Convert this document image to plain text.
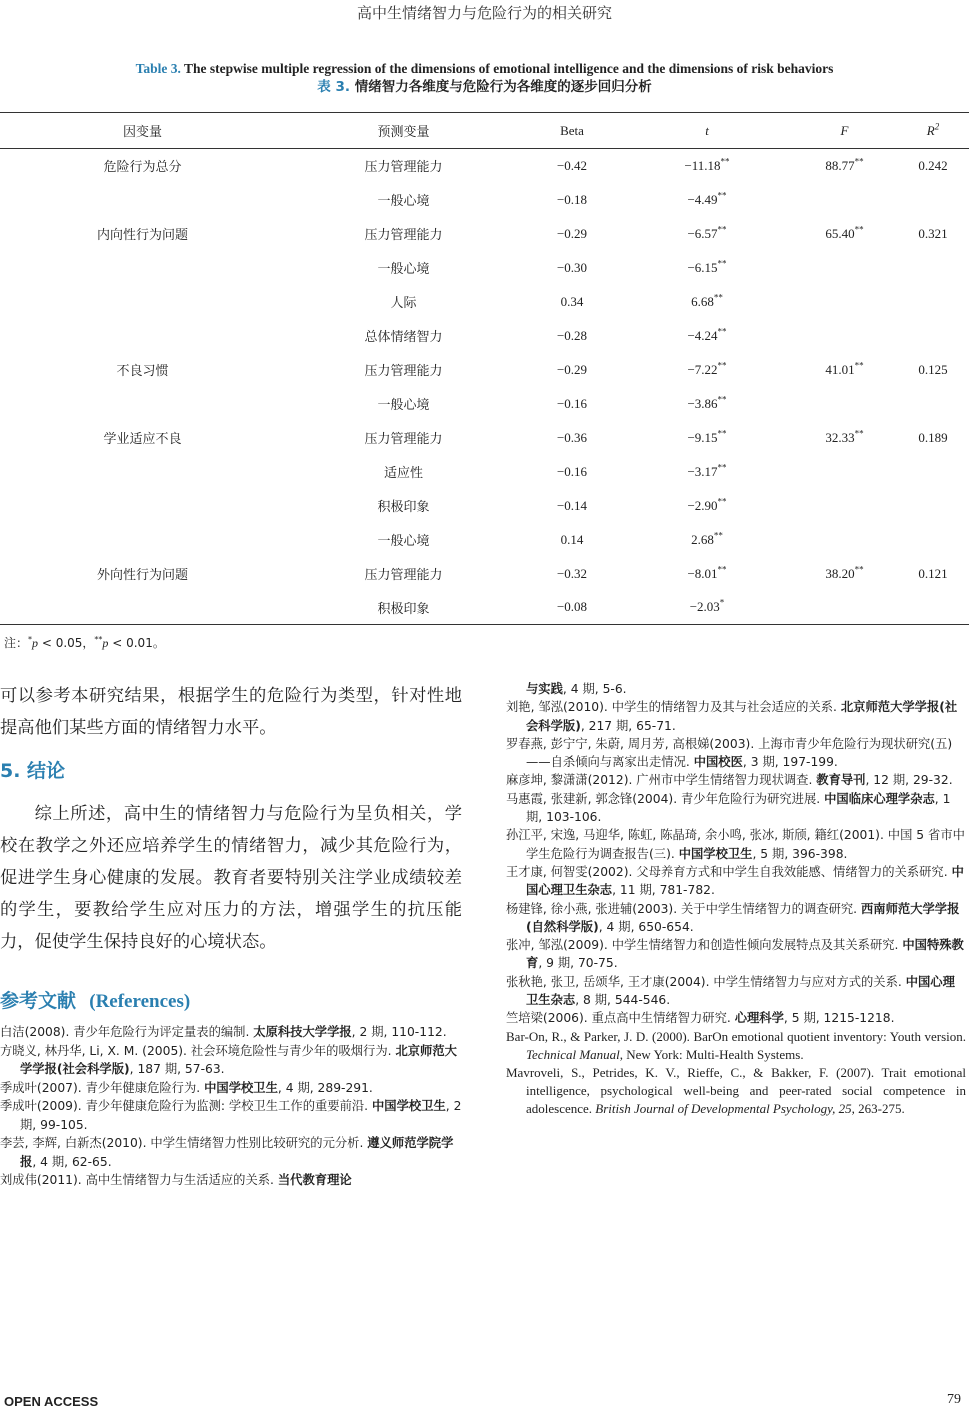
高中生情绪智力与危险行为的相关研究
Table 3. The stepwise multiple regression of the dimensions of emotional intelligence and the dimensions of risk behaviors
表 3. 情绪智力各维度与危险行为各维度的逐步回归分析
因变量	预测变量	Beta	t	F	$R^2$
危险行为总分	压力管理能力	−0.42	−11.18**	88.77**	0.242
	一般心境	−0.18	−4.49**		
内向性行为问题	压力管理能力	−0.29	−6.57**	65.40**	0.321
	一般心境	−0.30	−6.15**		
	人际	0.34	6.68**		
	总体情绪智力	−0.28	−4.24**		
不良习惯	压力管理能力	−0.29	−7.22**	41.01**	0.125
	一般心境	−0.16	−3.86**		
学业适应不良	压力管理能力	−0.36	−9.15**	32.33**	0.189
	适应性	−0.16	−3.17**		
	积极印象	−0.14	−2.90**		
	一般心境	0.14	2.68**		
外向性行为问题	压力管理能力	−0.32	−8.01**	38.20**	0.121
	积极印象	−0.08	−2.03*		
注：*p < 0.05，**p < 0.01。

可以参考本研究结果，根据学生的危险行为类型，针对性地提高他们某些方面的情绪智力水平。

5. 结论

综上所述，高中生的情绪智力与危险行为呈负相关，学校在教学之外还应培养学生的情绪智力，减少其危险行为，促进学生身心健康的发展。教育者要特别关注学业成绩较差的学生，要教给学生应对压力的方法，增强学生的抗压能力，促使学生保持良好的心境状态。

参考文献 (References)
白洁(2008). 青少年危险行为评定量表的编制. 太原科技大学学报, 2 期, 110-112.
方晓义, 林丹华, Li, X. M. (2005). 社会环境危险性与青少年的吸烟行为. 北京师范大学学报(社会科学版), 187 期, 57-63.
季成叶(2007). 青少年健康危险行为. 中国学校卫生, 4 期, 289-291.
季成叶(2009). 青少年健康危险行为监测: 学校卫生工作的重要前沿. 中国学校卫生, 2 期, 99-105.
李芸, 李辉, 白新杰(2010). 中学生情绪智力性别比较研究的元分析. 遵义师范学院学报, 4 期, 62-65.
刘成伟(2011). 高中生情绪智力与生活适应的关系. 当代教育理论
与实践, 4 期, 5-6.
刘艳, 邹泓(2010). 中学生的情绪智力及其与社会适应的关系. 北京师范大学学报(社会科学版), 217 期, 65-71.
罗春燕, 彭宁宁, 朱蔚, 周月芳, 高根娣(2003). 上海市青少年危险行为现状研究(五)——自杀倾向与离家出走情况. 中国校医, 3 期, 197-199.
麻彦坤, 黎潇潇(2012). 广州市中学生情绪智力现状调查. 教育导刊, 12 期, 29-32.
马惠霞, 张建新, 郭念锋(2004). 青少年危险行为研究进展. 中国临床心理学杂志, 1 期, 103-106.
孙江平, 宋逸, 马迎华, 陈虹, 陈晶琦, 余小鸣, 张冰, 斯颀, 籍红(2001). 中国 5 省市中学生危险行为调查报告(三). 中国学校卫生, 5 期, 396-398.
王才康, 何智雯(2002). 父母养育方式和中学生自我效能感、情绪智力的关系研究. 中国心理卫生杂志, 11 期, 781-782.
杨建锋, 徐小燕, 张进辅(2003). 关于中学生情绪智力的调查研究. 西南师范大学学报(自然科学版), 4 期, 650-654.
张冲, 邹泓(2009). 中学生情绪智力和创造性倾向发展特点及其关系研究. 中国特殊教育, 9 期, 70-75.
张秋艳, 张卫, 岳颂华, 王才康(2004). 中学生情绪智力与应对方式的关系. 中国心理卫生杂志, 8 期, 544-546.
竺培梁(2006). 重点高中生情绪智力研究. 心理科学, 5 期, 1215-1218.
Bar-On, R., & Parker, J. D. (2000). BarOn emotional quotient inventory: Youth version. Technical Manual, New York: Multi-Health Systems.
Mavroveli, S., Petrides, K. V., Rieffe, C., & Bakker, F. (2007). Trait emotional intelligence, psychological well-being and peer-rated social competence in adolescence. British Journal of Developmental Psychology, 25, 263-275.
OPEN ACCESS	79
